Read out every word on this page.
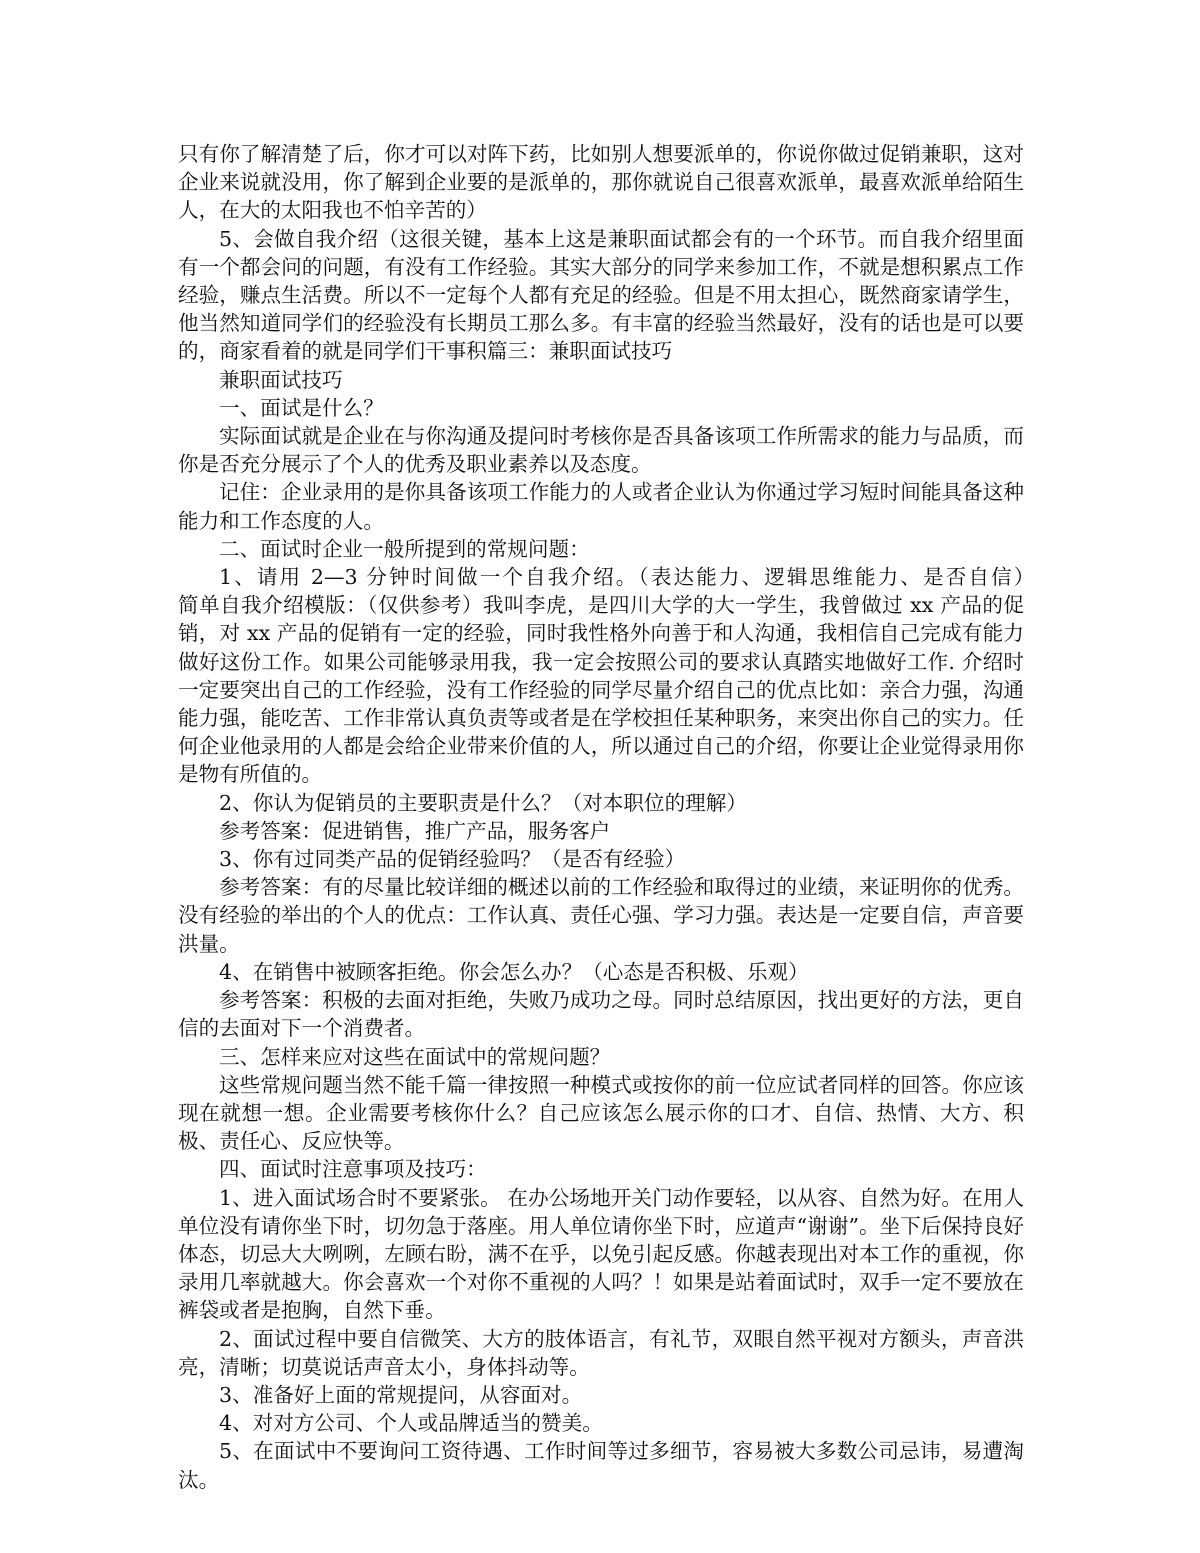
只有你了解清楚了后，你才可以对阵下药，比如别人想要派单的，你说你做过促销兼职，这对企业来说就没用，你了解到企业要的是派单的，那你就说自己很喜欢派单，最喜欢派单给陌生人，在大的太阳我也不怕辛苦的）

5、会做自我介绍（这很关键，基本上这是兼职面试都会有的一个环节。而自我介绍里面有一个都会问的问题，有没有工作经验。其实大部分的同学来参加工作，不就是想积累点工作经验，赚点生活费。所以不一定每个人都有充足的经验。但是不用太担心，既然商家请学生，他当然知道同学们的经验没有长期员工那么多。有丰富的经验当然最好，没有的话也是可以要的，商家看着的就是同学们干事积篇三：兼职面试技巧

兼职面试技巧

一、面试是什么？

实际面试就是企业在与你沟通及提问时考核你是否具备该项工作所需求的能力与品质，而你是否充分展示了个人的优秀及职业素养以及态度。

记住：企业录用的是你具备该项工作能力的人或者企业认为你通过学习短时间能具备这种能力和工作态度的人。

二、面试时企业一般所提到的常规问题：

1、请用 2—3 分钟时间做一个自我介绍。（表达能力、逻辑思维能力、是否自信）　　　简单自我介绍模版：（仅供参考）我叫李虎，是四川大学的大一学生，我曾做过 xx 产品的促销，对 xx 产品的促销有一定的经验，同时我性格外向善于和人沟通，我相信自己完成有能力做好这份工作。如果公司能够录用我，我一定会按照公司的要求认真踏实地做好工作. 介绍时一定要突出自己的工作经验，没有工作经验的同学尽量介绍自己的优点比如：亲合力强，沟通能力强，能吃苦、工作非常认真负责等或者是在学校担任某种职务，来突出你自己的实力。任何企业他录用的人都是会给企业带来价值的人，所以通过自己的介绍，你要让企业觉得录用你是物有所值的。

2、你认为促销员的主要职责是什么？（对本职位的理解）

参考答案：促进销售，推广产品，服务客户

3、你有过同类产品的促销经验吗？（是否有经验）

参考答案：有的尽量比较详细的概述以前的工作经验和取得过的业绩，来证明你的优秀。没有经验的举出的个人的优点：工作认真、责任心强、学习力强。表达是一定要自信，声音要洪量。

4、在销售中被顾客拒绝。你会怎么办？（心态是否积极、乐观）

参考答案：积极的去面对拒绝，失败乃成功之母。同时总结原因，找出更好的方法，更自信的去面对下一个消费者。

三、怎样来应对这些在面试中的常规问题？

这些常规问题当然不能千篇一律按照一种模式或按你的前一位应试者同样的回答。你应该现在就想一想。企业需要考核你什么？自己应该怎么展示你的口才、自信、热情、大方、积极、责任心、反应快等。

四、面试时注意事项及技巧：

1、进入面试场合时不要紧张。 在办公场地开关门动作要轻，以从容、自然为好。在用人单位没有请你坐下时，切勿急于落座。用人单位请你坐下时，应道声“谢谢”。坐下后保持良好体态，切忌大大咧咧，左顾右盼，满不在乎，以免引起反感。你越表现出对本工作的重视，你录用几率就越大。你会喜欢一个对你不重视的人吗？！如果是站着面试时，双手一定不要放在裤袋或者是抱胸，自然下垂。

2、面试过程中要自信微笑、大方的肢体语言，有礼节，双眼自然平视对方额头，声音洪亮，清晰；切莫说话声音太小，身体抖动等。

3、准备好上面的常规提问，从容面对。

4、对对方公司、个人或品牌适当的赞美。

5、在面试中不要询问工资待遇、工作时间等过多细节，容易被大多数公司忌讳，易遭淘汰。
